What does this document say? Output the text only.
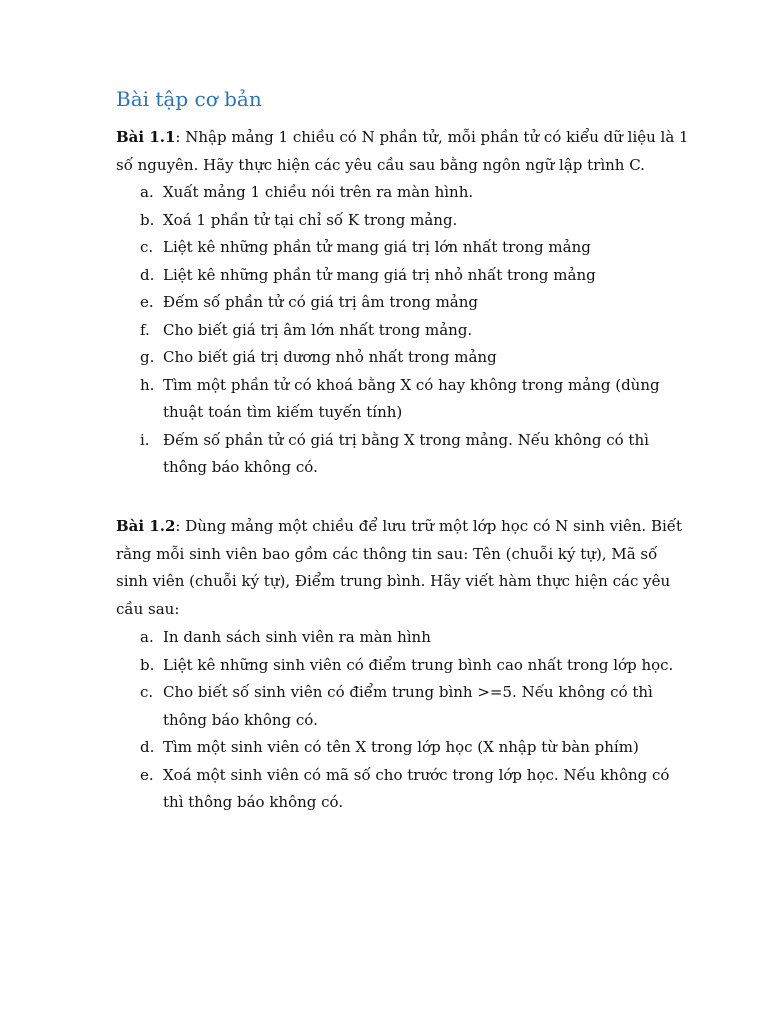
Bài tập cơ bản
Bài 1.1: Nhập mảng 1 chiều có N phần tử, mỗi phần tử có kiểu dữ liệu là 1
số nguyên. Hãy thực hiện các yêu cầu sau bằng ngôn ngữ lập trình C.
a. Xuất mảng 1 chiều nói trên ra màn hình.
b. Xoá 1 phần tử tại chỉ số K trong mảng.
c. Liệt kê những phần tử mang giá trị lớn nhất trong mảng
d. Liệt kê những phần tử mang giá trị nhỏ nhất trong mảng
e. Đếm số phần tử có giá trị âm trong mảng
f. Cho biết giá trị âm lớn nhất trong mảng.
g. Cho biết giá trị dương nhỏ nhất trong mảng
h. Tìm một phần tử có khoá bằng X có hay không trong mảng (dùng
thuật toán tìm kiếm tuyến tính)
i. Đếm số phần tử có giá trị bằng X trong mảng. Nếu không có thì
thông báo không có.
Bài 1.2: Dùng mảng một chiều để lưu trữ một lớp học có N sinh viên. Biết
rằng mỗi sinh viên bao gồm các thông tin sau: Tên (chuỗi ký tự), Mã số
sinh viên (chuỗi ký tự), Điểm trung bình. Hãy viết hàm thực hiện các yêu
cầu sau:
a. In danh sách sinh viên ra màn hình
b. Liệt kê những sinh viên có điểm trung bình cao nhất trong lớp học.
c. Cho biết số sinh viên có điểm trung bình >=5. Nếu không có thì
thông báo không có.
d. Tìm một sinh viên có tên X trong lớp học (X nhập từ bàn phím)
e. Xoá một sinh viên có mã số cho trước trong lớp học. Nếu không có
thì thông báo không có.
